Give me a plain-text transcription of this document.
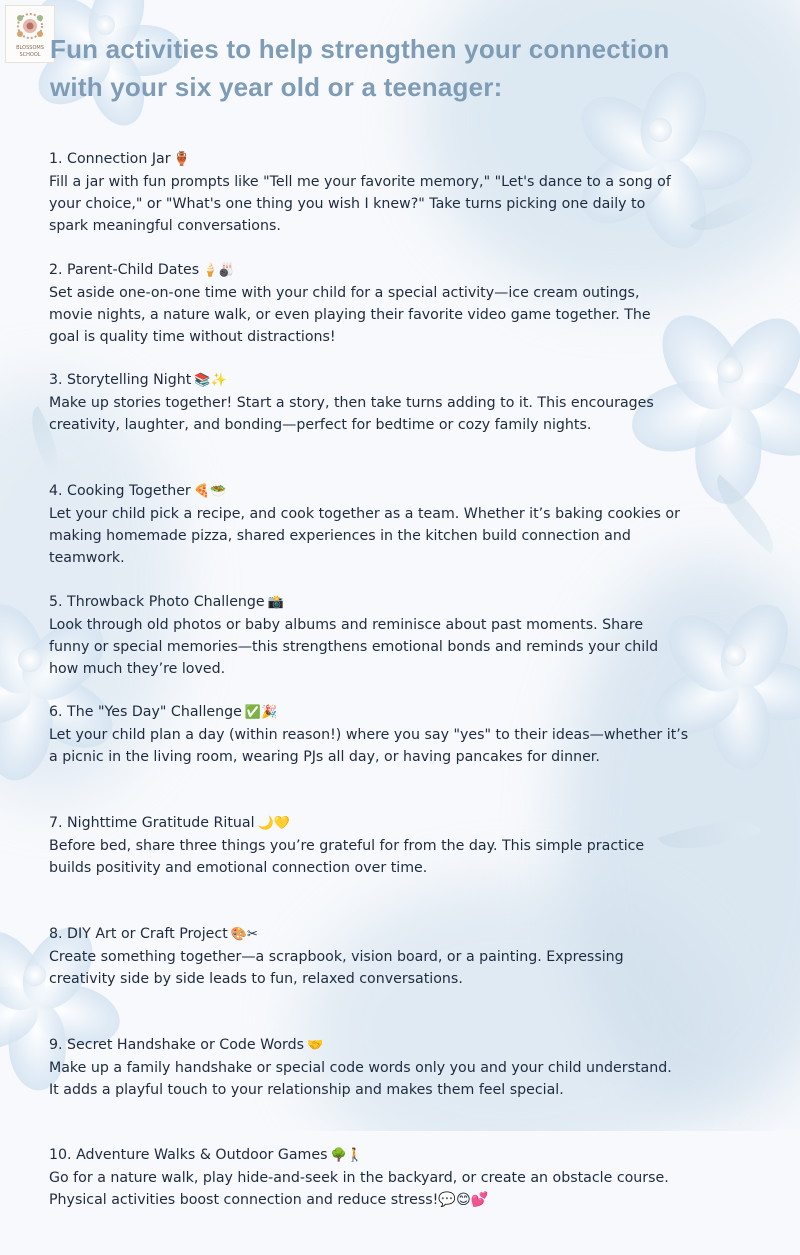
BLOSSOMS
SCHOOL Fun activities to help strengthen your connection
with your six year old or a teenager:
1. Connection Jar 🏺
Fill a jar with fun prompts like "Tell me your favorite memory," "Let's dance to a song of
your choice," or "What's one thing you wish I knew?" Take turns picking one daily to
spark meaningful conversations.
2. Parent-Child Dates 🍦🎳
Set aside one-on-one time with your child for a special activity—ice cream outings,
movie nights, a nature walk, or even playing their favorite video game together. The
goal is quality time without distractions!
3. Storytelling Night 📚✨
Make up stories together! Start a story, then take turns adding to it. This encourages
creativity, laughter, and bonding—perfect for bedtime or cozy family nights.
4. Cooking Together 🍕🥗
Let your child pick a recipe, and cook together as a team. Whether it’s baking cookies or
making homemade pizza, shared experiences in the kitchen build connection and
teamwork.
5. Throwback Photo Challenge 📸
Look through old photos or baby albums and reminisce about past moments. Share
funny or special memories—this strengthens emotional bonds and reminds your child
how much they’re loved.
6. The "Yes Day" Challenge ✅🎉
Let your child plan a day (within reason!) where you say "yes" to their ideas—whether it’s
a picnic in the living room, wearing PJs all day, or having pancakes for dinner.
7. Nighttime Gratitude Ritual 🌙💛
Before bed, share three things you’re grateful for from the day. This simple practice
builds positivity and emotional connection over time.
8. DIY Art or Craft Project 🎨✂
Create something together—a scrapbook, vision board, or a painting. Expressing
creativity side by side leads to fun, relaxed conversations.
9. Secret Handshake or Code Words 🤝
Make up a family handshake or special code words only you and your child understand.
It adds a playful touch to your relationship and makes them feel special.
10. Adventure Walks & Outdoor Games 🌳🚶
Go for a nature walk, play hide-and-seek in the backyard, or create an obstacle course.
Physical activities boost connection and reduce stress!💬😊💕
